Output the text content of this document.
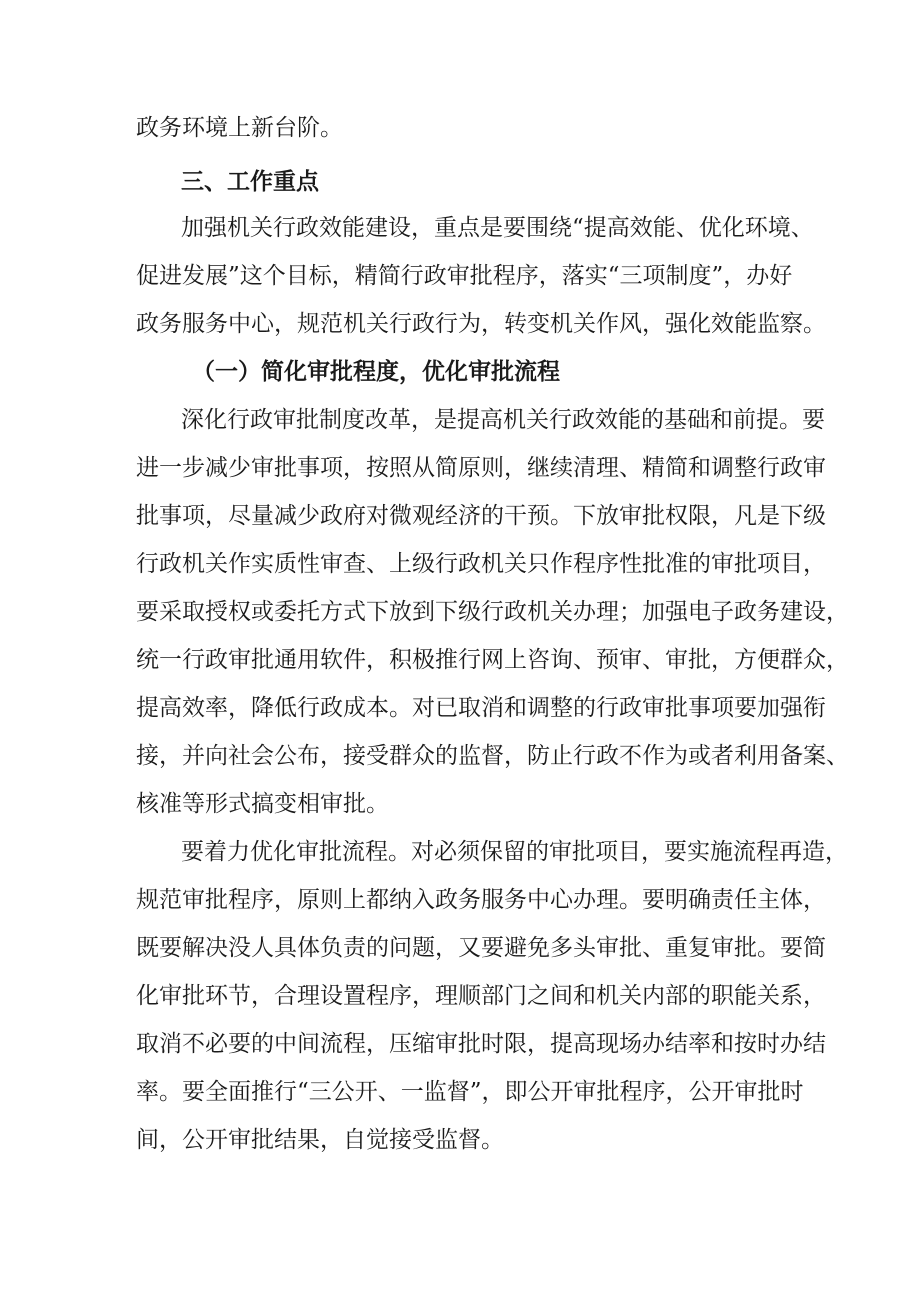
政务环境上新台阶。
三、工作重点
加强机关行政效能建设，重点是要围绕“提高效能、优化环境、
促进发展”这个目标，精简行政审批程序，落实“三项制度”，办好
政务服务中心，规范机关行政行为，转变机关作风，强化效能监察。
（一）简化审批程度，优化审批流程
深化行政审批制度改革，是提高机关行政效能的基础和前提。要
进一步减少审批事项，按照从简原则，继续清理、精简和调整行政审
批事项，尽量减少政府对微观经济的干预。下放审批权限，凡是下级
行政机关作实质性审查、上级行政机关只作程序性批准的审批项目，
要采取授权或委托方式下放到下级行政机关办理；加强电子政务建设，
统一行政审批通用软件，积极推行网上咨询、预审、审批，方便群众，
提高效率，降低行政成本。对已取消和调整的行政审批事项要加强衔
接，并向社会公布，接受群众的监督，防止行政不作为或者利用备案、
核准等形式搞变相审批。
要着力优化审批流程。对必须保留的审批项目，要实施流程再造，
规范审批程序，原则上都纳入政务服务中心办理。要明确责任主体，
既要解决没人具体负责的问题，又要避免多头审批、重复审批。要简
化审批环节，合理设置程序，理顺部门之间和机关内部的职能关系，
取消不必要的中间流程，压缩审批时限，提高现场办结率和按时办结
率。要全面推行“三公开、一监督”，即公开审批程序，公开审批时
间，公开审批结果，自觉接受监督。
